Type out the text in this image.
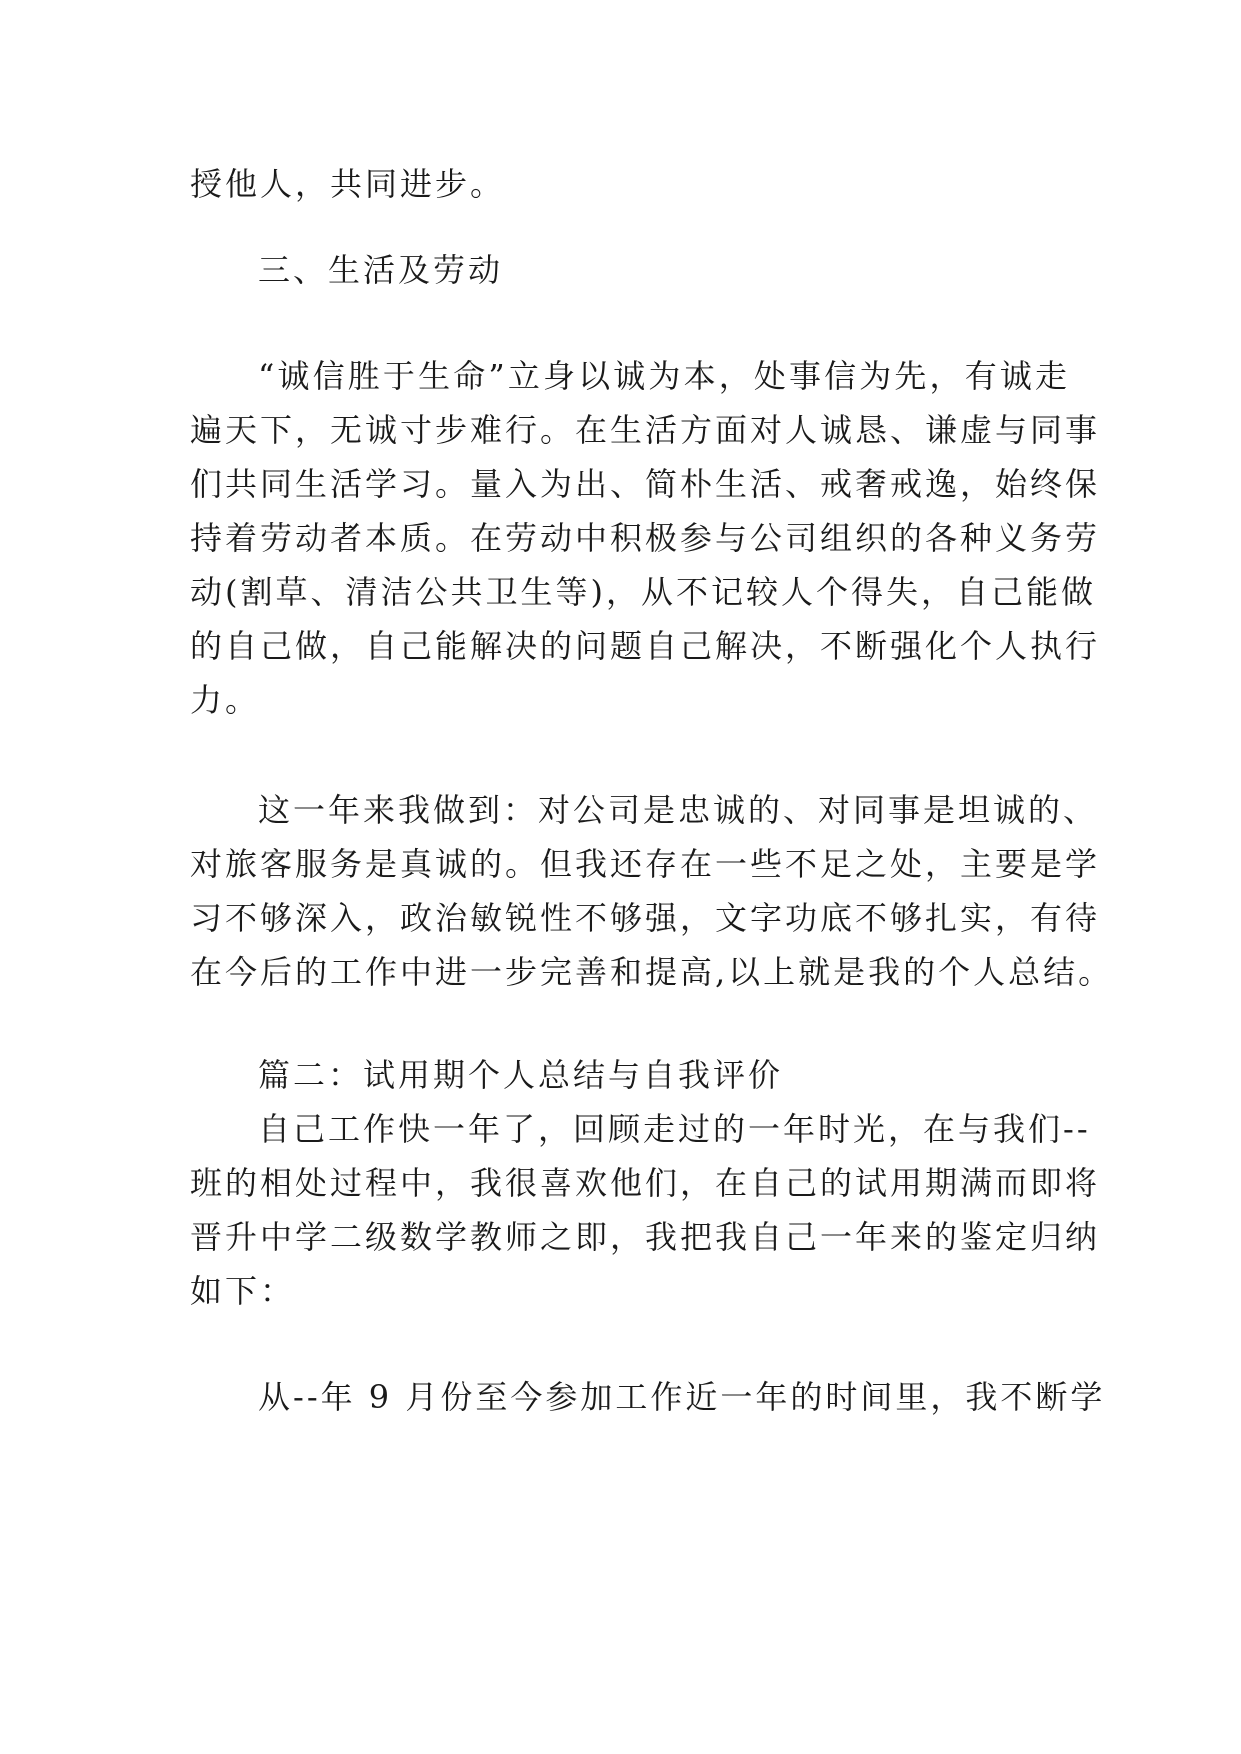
授他人，共同进步。
三、生活及劳动
“诚信胜于生命”立身以诚为本，处事信为先，有诚走
遍天下，无诚寸步难行。在生活方面对人诚恳、谦虚与同事
们共同生活学习。量入为出、简朴生活、戒奢戒逸，始终保
持着劳动者本质。在劳动中积极参与公司组织的各种义务劳
动(割草、清洁公共卫生等)，从不记较人个得失，自己能做
的自己做，自己能解决的问题自己解决，不断强化个人执行
力。
这一年来我做到：对公司是忠诚的、对同事是坦诚的、
对旅客服务是真诚的。但我还存在一些不足之处，主要是学
习不够深入，政治敏锐性不够强，文字功底不够扎实，有待
在今后的工作中进一步完善和提高,以上就是我的个人总结。
篇二：试用期个人总结与自我评价
自己工作快一年了，回顾走过的一年时光，在与我们--
班的相处过程中，我很喜欢他们，在自己的试用期满而即将
晋升中学二级数学教师之即，我把我自己一年来的鉴定归纳
如下：
从--年 9 月份至今参加工作近一年的时间里，我不断学
